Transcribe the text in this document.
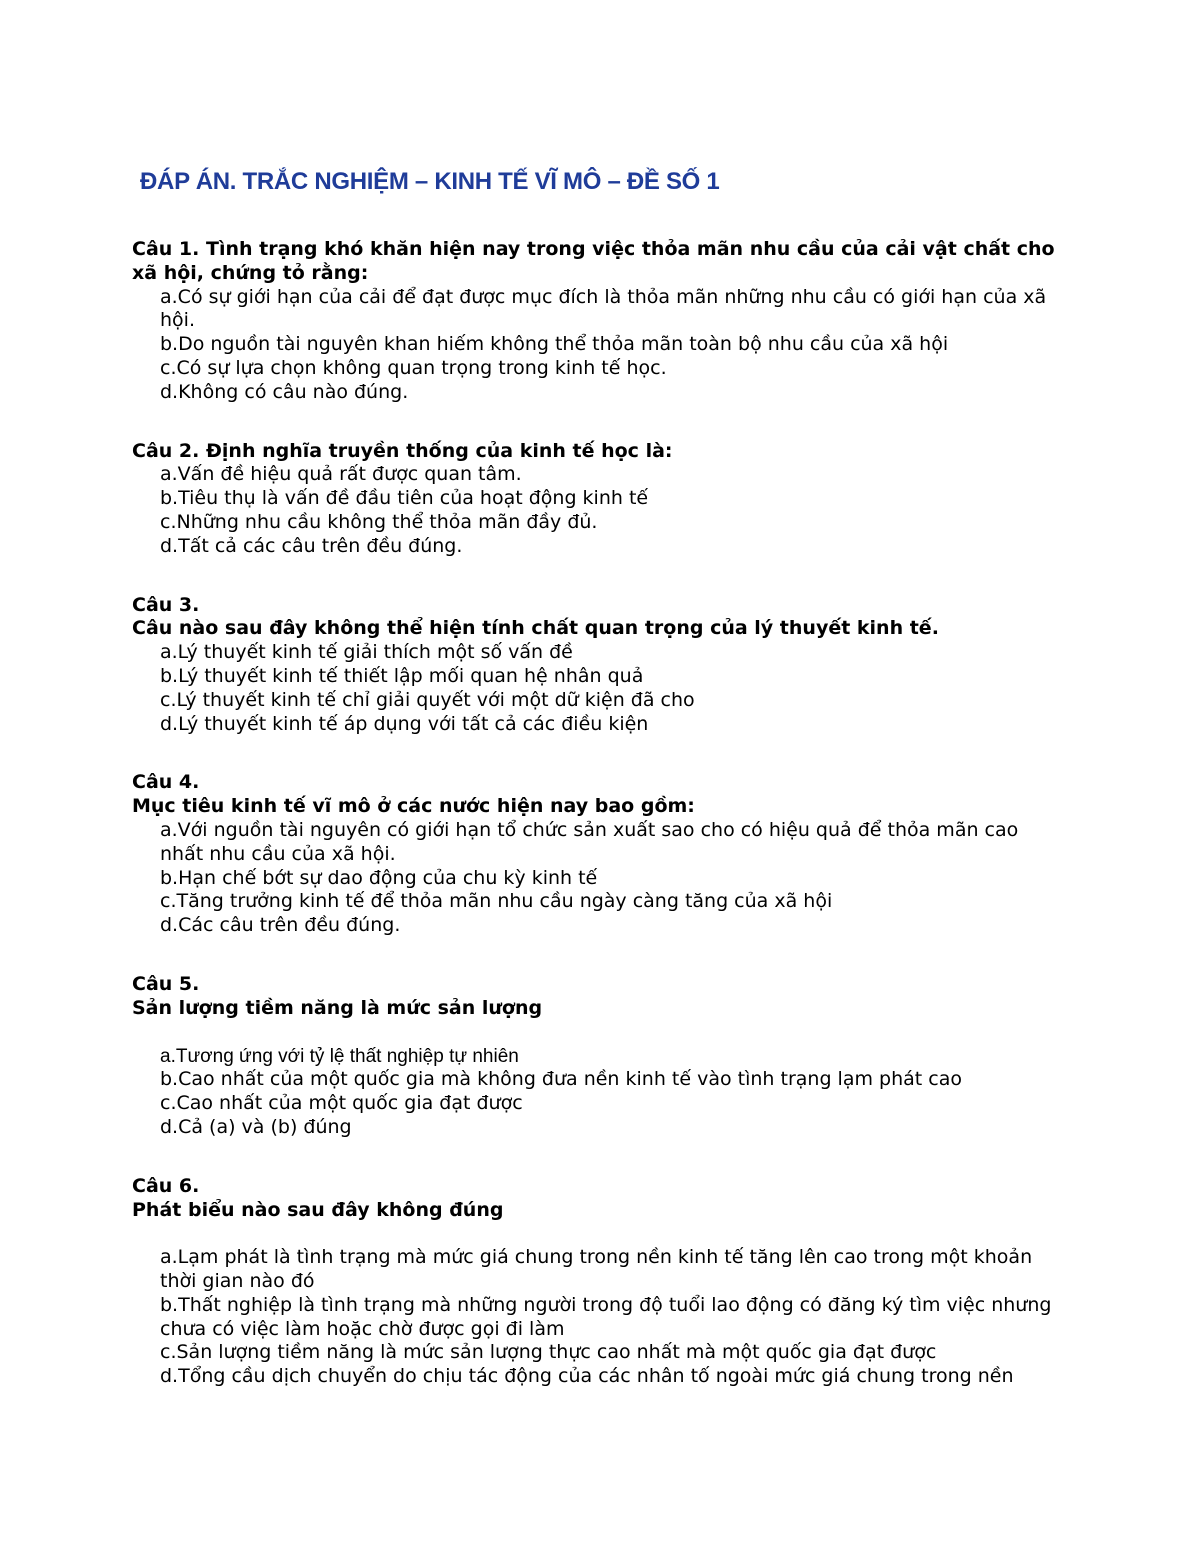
ĐÁP ÁN. TRẮC NGHIỆM – KINH TẾ VĨ MÔ – ĐỀ SỐ 1
Câu 1. Tình trạng khó khăn hiện nay trong việc thỏa mãn nhu cầu của cải vật chất cho xã hội, chứng tỏ rằng:
a.Có sự giới hạn của cải để đạt được mục đích là thỏa mãn những nhu cầu có giới hạn của xã hội.
b.Do nguồn tài nguyên khan hiếm không thể thỏa mãn toàn bộ nhu cầu của xã hội
c.Có sự lựa chọn không quan trọng trong kinh tế học.
d.Không có câu nào đúng.
Câu 2. Định nghĩa truyền thống của kinh tế học là:
a.Vấn đề hiệu quả rất được quan tâm.
b.Tiêu thụ là vấn đề đầu tiên của hoạt động kinh tế
c.Những nhu cầu không thể thỏa mãn đầy đủ.
d.Tất cả các câu trên đều đúng.
Câu 3.
Câu nào sau đây không thể hiện tính chất quan trọng của lý thuyết kinh tế.
a.Lý thuyết kinh tế giải thích một số vấn đề
b.Lý thuyết kinh tế thiết lập mối quan hệ nhân quả
c.Lý thuyết kinh tế chỉ giải quyết với một dữ kiện đã cho
d.Lý thuyết kinh tế áp dụng với tất cả các điều kiện
Câu 4.
Mục tiêu kinh tế vĩ mô ở các nước hiện nay bao gồm:
a.Với nguồn tài nguyên có giới hạn tổ chức sản xuất sao cho có hiệu quả để thỏa mãn cao nhất nhu cầu của xã hội.
b.Hạn chế bớt sự dao động của chu kỳ kinh tế
c.Tăng trưởng kinh tế để thỏa mãn nhu cầu ngày càng tăng của xã hội
d.Các câu trên đều đúng.
Câu 5.
Sản lượng tiềm năng là mức sản lượng
a.Tương ứng với tỷ lệ thất nghiệp tự nhiên
b.Cao nhất của một quốc gia mà không đưa nền kinh tế vào tình trạng lạm phát cao
c.Cao nhất của một quốc gia đạt được
d.Cả (a) và (b) đúng
Câu 6.
Phát biểu nào sau đây không đúng
a.Lạm phát là tình trạng mà mức giá chung trong nền kinh tế tăng lên cao trong một khoản thời gian nào đó
b.Thất nghiệp là tình trạng mà những người trong độ tuổi lao động có đăng ký tìm việc nhưng chưa có việc làm hoặc chờ được gọi đi làm
c.Sản lượng tiềm năng là mức sản lượng thực cao nhất mà một quốc gia đạt được
d.Tổng cầu dịch chuyển do chịu tác động của các nhân tố ngoài mức giá chung trong nền
